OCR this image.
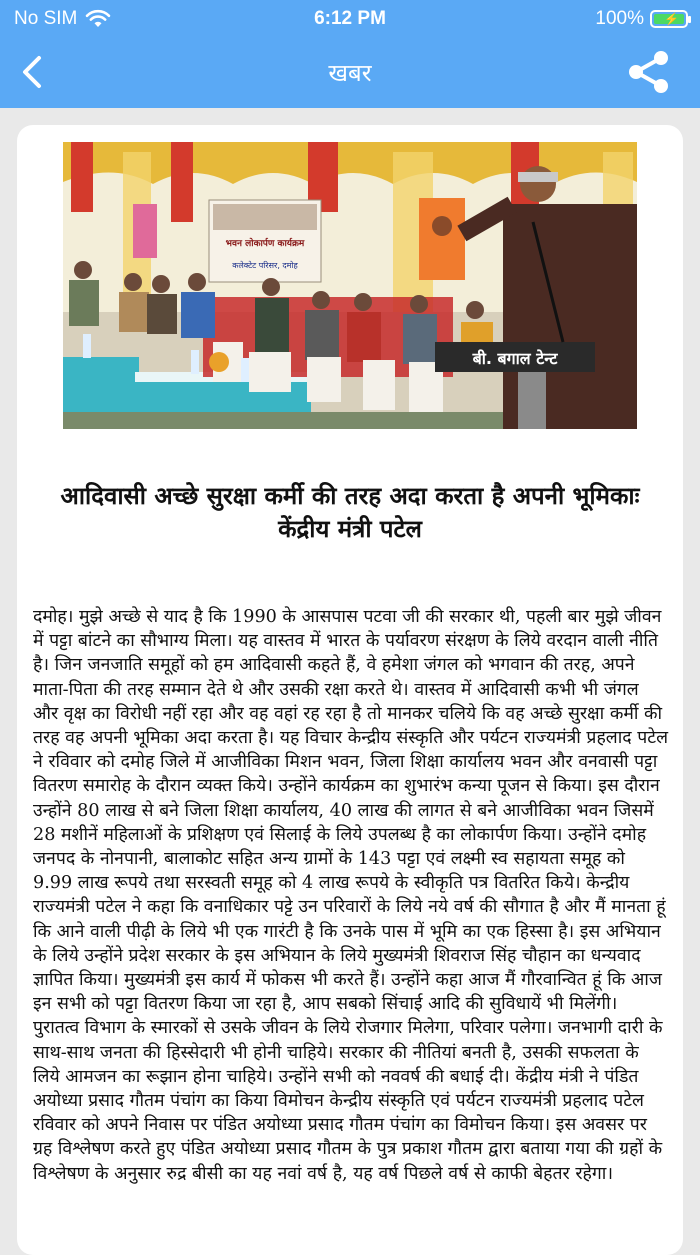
No SIM	6:12 PM	100% ⚡
खबर
भवन लोकार्पण कार्यक्रम
कलेक्टेट परिसर, दमोह
बी. बगाल टेन्ट
आदिवासी अच्छे सुरक्षा कर्मी की तरह अदा करता है अपनी भूमिकाः केंद्रीय मंत्री पटेल
दमोह। मुझे अच्छे से याद है कि 1990 के आसपास पटवा जी की सरकार थी, पहली बार मुझे जीवन में पट्टा बांटने का सौभाग्य मिला। यह वास्तव में भारत के पर्यावरण संरक्षण के लिये वरदान वाली नीति है। जिन जनजाति समूहों को हम आदिवासी कहते हैं, वे हमेशा जंगल को भगवान की तरह, अपने माता-पिता की तरह सम्मान देते थे और उसकी रक्षा करते थे। वास्तव में आदिवासी कभी भी जंगल और वृक्ष का विरोधी नहीं रहा और वह वहां रह रहा है तो मानकर चलिये कि वह अच्छे सुरक्षा कर्मी की तरह वह अपनी भूमिका अदा करता है। यह विचार केन्द्रीय संस्कृति और पर्यटन राज्यमंत्री प्रहलाद पटेल ने रविवार को दमोह जिले में आजीविका मिशन भवन, जिला शिक्षा कार्यालय भवन और वनवासी पट्टा वितरण समारोह के दौरान व्यक्त किये। उन्होंने कार्यक्रम का शुभारंभ कन्या पूजन से किया। इस दौरान उन्होंने 80 लाख से बने जिला शिक्षा कार्यालय, 40 लाख की लागत से बने आजीविका भवन जिसमें 28 मशीनें महिलाओं के प्रशिक्षण एवं सिलाई के लिये उपलब्ध है का लोकार्पण किया। उन्होंने दमोह जनपद के नोनपानी, बालाकोट सहित अन्य ग्रामों के 143 पट्टा एवं लक्ष्मी स्व सहायता समूह को 9.99 लाख रूपये तथा सरस्वती समूह को 4 लाख रूपये के स्वीकृति पत्र वितरित किये। केन्द्रीय राज्यमंत्री पटेल ने कहा कि वनाधिकार पट्टे उन परिवारों के लिये नये वर्ष की सौगात है और मैं मानता हूं कि आने वाली पीढ़ी के लिये भी एक गारंटी है कि उनके पास में भूमि का एक हिस्सा है। इस अभियान के लिये उन्होंने प्रदेश सरकार के इस अभियान के लिये मुख्यमंत्री शिवराज सिंह चौहान का धन्यवाद ज्ञापित किया। मुख्यमंत्री इस कार्य में फोकस भी करते हैं। उन्होंने कहा आज मैं गौरवान्वित हूं कि आज इन सभी को पट्टा वितरण किया जा रहा है, आप सबको सिंचाई आदि की सुविधायें भी मिलेंगी। पुरातत्व विभाग के स्मारकों से उसके जीवन के लिये रोजगार मिलेगा, परिवार पलेगा। जनभागी दारी के साथ-साथ जनता की हिस्सेदारी भी होनी चाहिये। सरकार की नीतियां बनती है, उसकी सफलता के लिये आमजन का रूझान होना चाहिये। उन्होंने सभी को नववर्ष की बधाई दी। केंद्रीय मंत्री ने पंडित अयोध्या प्रसाद गौतम पंचांग का किया विमोचन केन्द्रीय संस्कृति एवं पर्यटन राज्यमंत्री प्रहलाद पटेल रविवार को अपने निवास पर पंडित अयोध्या प्रसाद गौतम पंचांग का विमोचन किया। इस अवसर पर ग्रह विश्लेषण करते हुए पंडित अयोध्या प्रसाद गौतम के पुत्र प्रकाश गौतम द्वारा बताया गया की ग्रहों के विश्लेषण के अनुसार रुद्र बीसी का यह नवां वर्ष है, यह वर्ष पिछले वर्ष से काफी बेहतर रहेगा।
